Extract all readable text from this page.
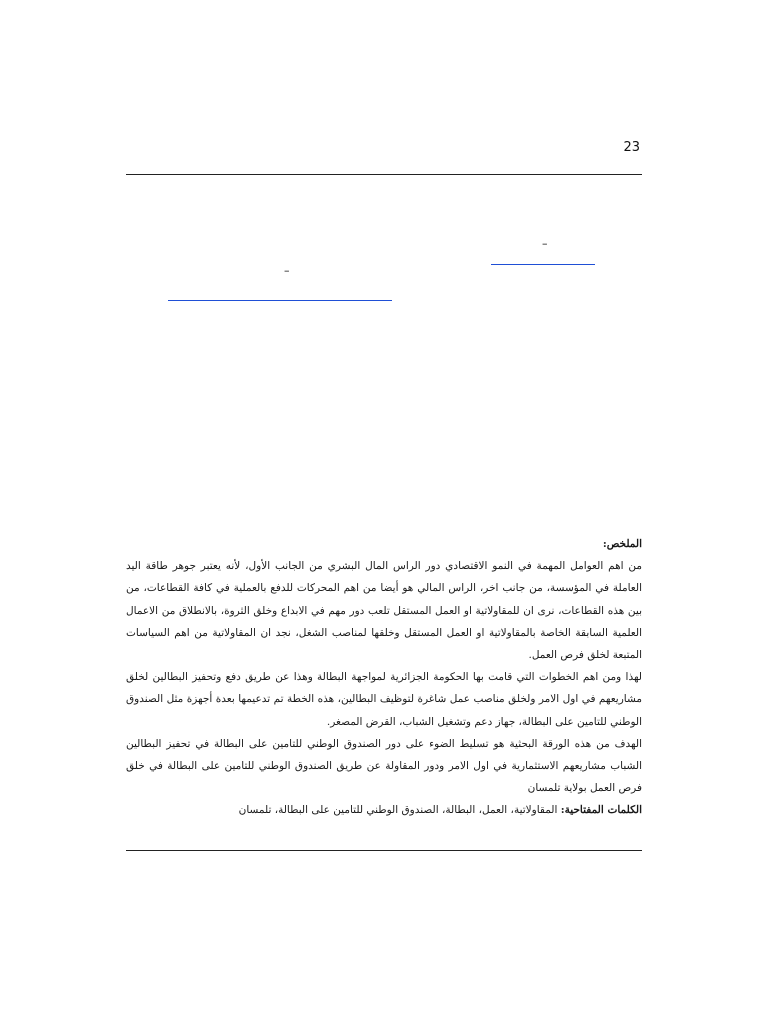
23
–
–
الملخص:

من اهم العوامل المهمة في النمو الاقتصادي دور الراس المال البشري من الجانب الأول، لأنه يعتبر جوهر طاقة اليد العاملة في المؤسسة، من جانب اخر، الراس المالي هو أيضا من اهم المحركات للدفع بالعملية في كافة القطاعات، من بين هذه القطاعات، نرى ان للمقاولاتية او العمل المستقل تلعب دور مهم في الابداع وخلق الثروة، بالانطلاق من الاعمال العلمية السابقة الخاصة بالمقاولاتية او العمل المستقل وخلقها لمناصب الشغل، نجد ان المقاولاتية من اهم السياسات المتبعة لخلق فرص العمل.

لهذا ومن اهم الخطوات التي قامت بها الحكومة الجزائرية لمواجهة البطالة وهذا عن طريق دفع وتحفيز البطالين لخلق مشاريعهم في اول الامر ولخلق مناصب عمل شاغرة لتوظيف البطالين، هذه الخطة تم تدعيمها بعدة أجهزة مثل الصندوق الوطني للتامين على البطالة، جهاز دعم وتشغيل الشباب، القرض المصغر.

الهدف من هذه الورقة البحثية هو تسليط الضوء على دور الصندوق الوطني للتامين على البطالة في تحفيز البطالين الشباب مشاريعهم الاستثمارية في اول الامر ودور المقاولة عن طريق الصندوق الوطني للتامين على البطالة في خلق فرص العمل بولاية تلمسان

الكلمات المفتاحية: المقاولاتية، العمل، البطالة، الصندوق الوطني للتامين على البطالة، تلمسان
